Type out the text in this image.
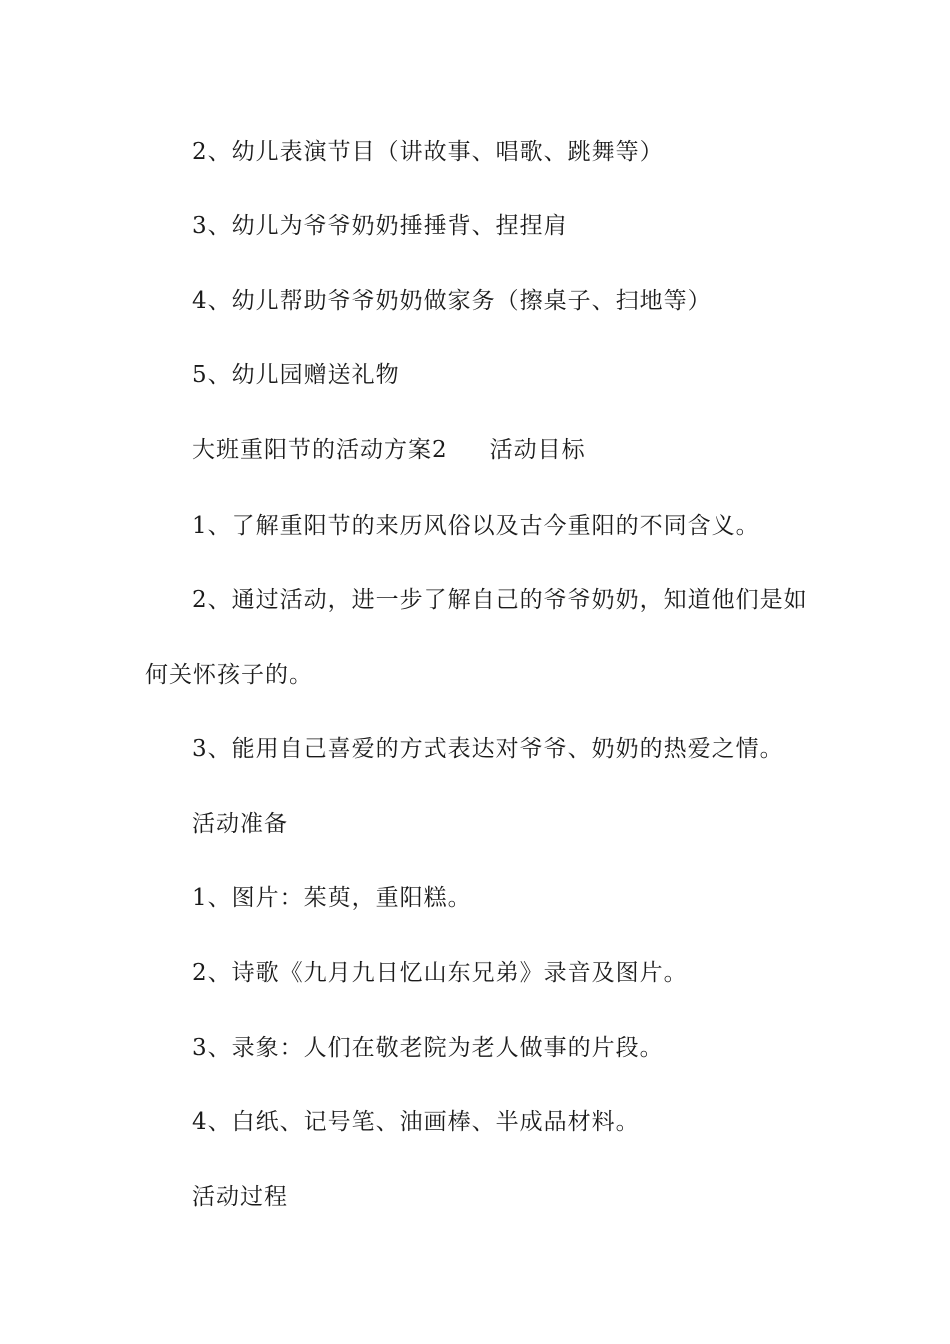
2、幼儿表演节目（讲故事、唱歌、跳舞等）
3、幼儿为爷爷奶奶捶捶背、捏捏肩
4、幼儿帮助爷爷奶奶做家务（擦桌子、扫地等）
5、幼儿园赠送礼物
大班重阳节的活动方案2 活动目标
1、了解重阳节的来历风俗以及古今重阳的不同含义。
2、通过活动，进一步了解自己的爷爷奶奶，知道他们是如
何关怀孩子的。
3、能用自己喜爱的方式表达对爷爷、奶奶的热爱之情。
活动准备
1、图片：茱萸，重阳糕。
2、诗歌《九月九日忆山东兄弟》录音及图片。
3、录象：人们在敬老院为老人做事的片段。
4、白纸、记号笔、油画棒、半成品材料。
活动过程
